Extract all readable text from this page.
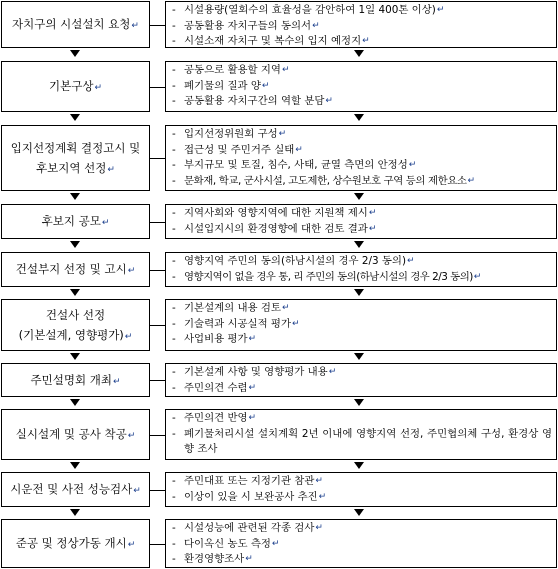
자치구의 시설설치 요청↵
- 시설용량(열회수의 효율성을 감안하여 1일 400톤 이상) ↵
- 공동활용 자치구들의 동의서 ↵
- 시설소재 자치구 및 복수의 입지 예정지 ↵
기본구상↵
- 공동으로 활용할 지역 ↵
- 폐기물의 질과 양 ↵
- 공동활용 자치구간의 역할 분담 ↵
입지선정계획 결정고시 및
후보지역 선정↵
- 입지선정위원회 구성 ↵
- 접근성 및 주민거주 실태 ↵
- 부지규모 및 토질, 침수, 사태, 균열 측면의 안정성 ↵
- 문화재, 학교, 군사시설, 고도제한, 상수원보호 구역 등의 제한요소 ↵
후보지 공모↵
- 지역사회와 영향지역에 대한 지원책 제시 ↵
- 시설입지시의 환경영향에 대한 검토 결과 ↵
건설부지 선정 및 고시↵
- 영향지역 주민의 동의(하남시설의 경우 2/3 동의) ↵
- 영향지역이 없을 경우 통, 리 주민의 동의(하남시설의 경우 2/3 동의) ↵
건설사 선정
(기본설계, 영향평가)↵
- 기본설계의 내용 검토 ↵
- 기술력과 시공실적 평가 ↵
- 사업비용 평가 ↵
주민설명회 개최↵
- 기본설계 사항 및 영향평가 내용 ↵
- 주민의견 수렴 ↵
실시설계 및 공사 착공↵
- 주민의견 반영 ↵
- 폐기물처리시설 설치계획 2년 이내에 영향지역 선정, 주민협의체 구성, 환경상 영향 조사
시운전 및 사전 성능검사↵
- 주민대표 또는 지정기관 참관 ↵
- 이상이 있을 시 보완공사 추진 ↵
준공 및 정상가동 개시↵
- 시설성능에 관련된 각종 검사 ↵
- 다이옥신 농도 측정 ↵
- 환경영향조사 ↵
